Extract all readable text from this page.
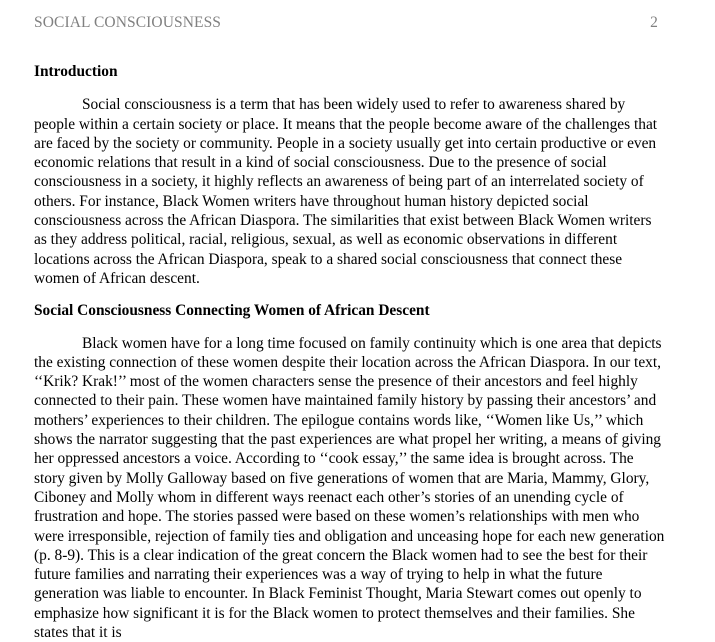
SOCIAL CONSCIOUSNESS	2

Introduction

Social consciousness is a term that has been widely used to refer to awareness shared by people within a certain society or place. It means that the people become aware of the challenges that are faced by the society or community. People in a society usually get into certain productive or even economic relations that result in a kind of social consciousness. Due to the presence of social consciousness in a society, it highly reflects an awareness of being part of an interrelated society of others. For instance, Black Women writers have throughout human history depicted social consciousness across the African Diaspora. The similarities that exist between Black Women writers as they address political, racial, religious, sexual, as well as economic observations in different locations across the African Diaspora, speak to a shared social consciousness that connect these women of African descent.

Social Consciousness Connecting Women of African Descent

Black women have for a long time focused on family continuity which is one area that depicts the existing connection of these women despite their location across the African Diaspora. In our text, ‘‘Krik? Krak!’’ most of the women characters sense the presence of their ancestors and feel highly connected to their pain. These women have maintained family history by passing their ancestors’ and mothers’ experiences to their children. The epilogue contains words like, ‘‘Women like Us,’’ which shows the narrator suggesting that the past experiences are what propel her writing, a means of giving her oppressed ancestors a voice. According to ‘‘cook essay,’’ the same idea is brought across. The story given by Molly Galloway based on five generations of women that are Maria, Mammy, Glory, Ciboney and Molly whom in different ways reenact each other’s stories of an unending cycle of frustration and hope. The stories passed were based on these women’s relationships with men who were irresponsible, rejection of family ties and obligation and unceasing hope for each new generation (p. 8-9). This is a clear indication of the great concern the Black women had to see the best for their future families and narrating their experiences was a way of trying to help in what the future generation was liable to encounter. In Black Feminist Thought, Maria Stewart comes out openly to emphasize how significant it is for the Black women to protect themselves and their families. She states that it is
